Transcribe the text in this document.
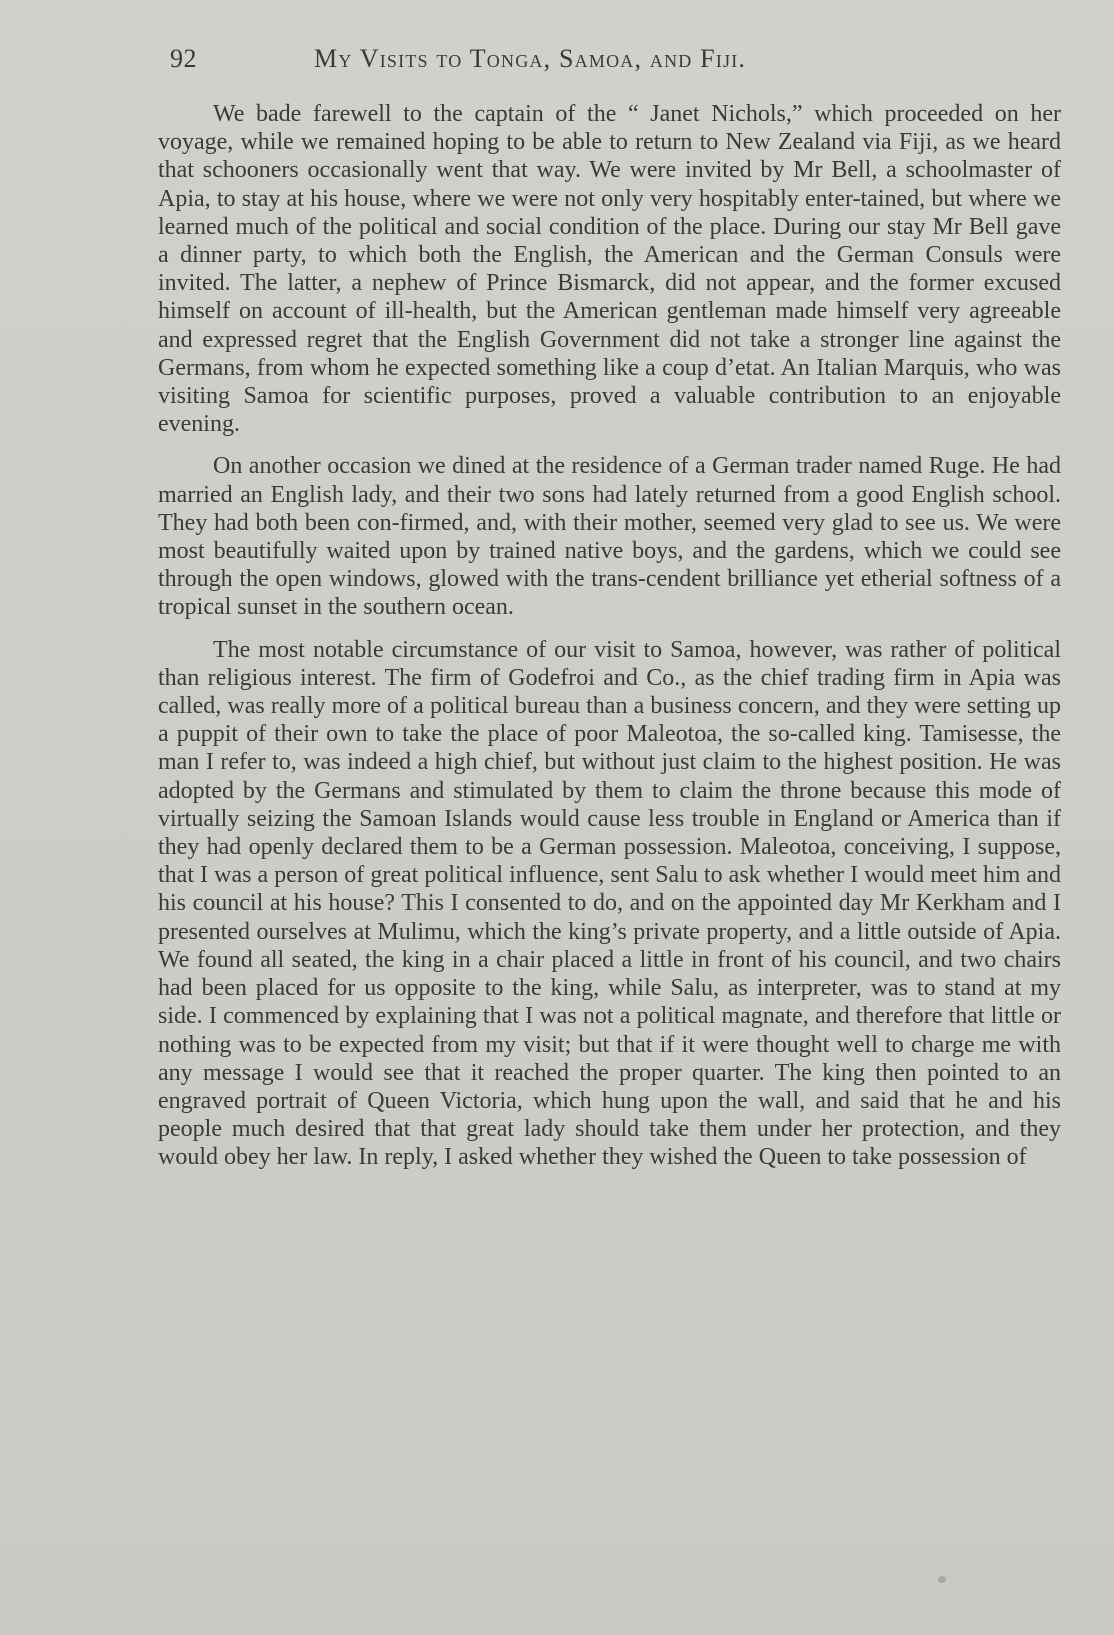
92	My Visits to Tonga, Samoa, and Fiji.

We bade farewell to the captain of the “ Janet Nichols,” which proceeded on her voyage, while we remained hoping to be able to return to New Zealand via Fiji, as we heard that schooners occasionally went that way. We were invited by Mr Bell, a schoolmaster of Apia, to stay at his house, where we were not only very hospitably enter-tained, but where we learned much of the political and social condition of the place. During our stay Mr Bell gave a dinner party, to which both the English, the American and the German Consuls were invited. The latter, a nephew of Prince Bismarck, did not appear, and the former excused himself on account of ill-health, but the American gentleman made himself very agreeable and expressed regret that the English Government did not take a stronger line against the Germans, from whom he expected something like a coup d’etat. An Italian Marquis, who was visiting Samoa for scientific purposes, proved a valuable contribution to an enjoyable evening.

On another occasion we dined at the residence of a German trader named Ruge. He had married an English lady, and their two sons had lately returned from a good English school. They had both been con-firmed, and, with their mother, seemed very glad to see us. We were most beautifully waited upon by trained native boys, and the gardens, which we could see through the open windows, glowed with the trans-cendent brilliance yet etherial softness of a tropical sunset in the southern ocean.

The most notable circumstance of our visit to Samoa, however, was rather of political than religious interest. The firm of Godefroi and Co., as the chief trading firm in Apia was called, was really more of a political bureau than a business concern, and they were setting up a puppit of their own to take the place of poor Maleotoa, the so-called king. Tamisesse, the man I refer to, was indeed a high chief, but without just claim to the highest position. He was adopted by the Germans and stimulated by them to claim the throne because this mode of virtually seizing the Samoan Islands would cause less trouble in England or America than if they had openly declared them to be a German possession. Maleotoa, conceiving, I suppose, that I was a person of great political influence, sent Salu to ask whether I would meet him and his council at his house? This I consented to do, and on the appointed day Mr Kerkham and I presented ourselves at Mulimu, which the king’s private property, and a little outside of Apia. We found all seated, the king in a chair placed a little in front of his council, and two chairs had been placed for us opposite to the king, while Salu, as interpreter, was to stand at my side. I commenced by explaining that I was not a political magnate, and therefore that little or nothing was to be expected from my visit; but that if it were thought well to charge me with any message I would see that it reached the proper quarter. The king then pointed to an engraved portrait of Queen Victoria, which hung upon the wall, and said that he and his people much desired that that great lady should take them under her protection, and they would obey her law. In reply, I asked whether they wished the Queen to take possession of
